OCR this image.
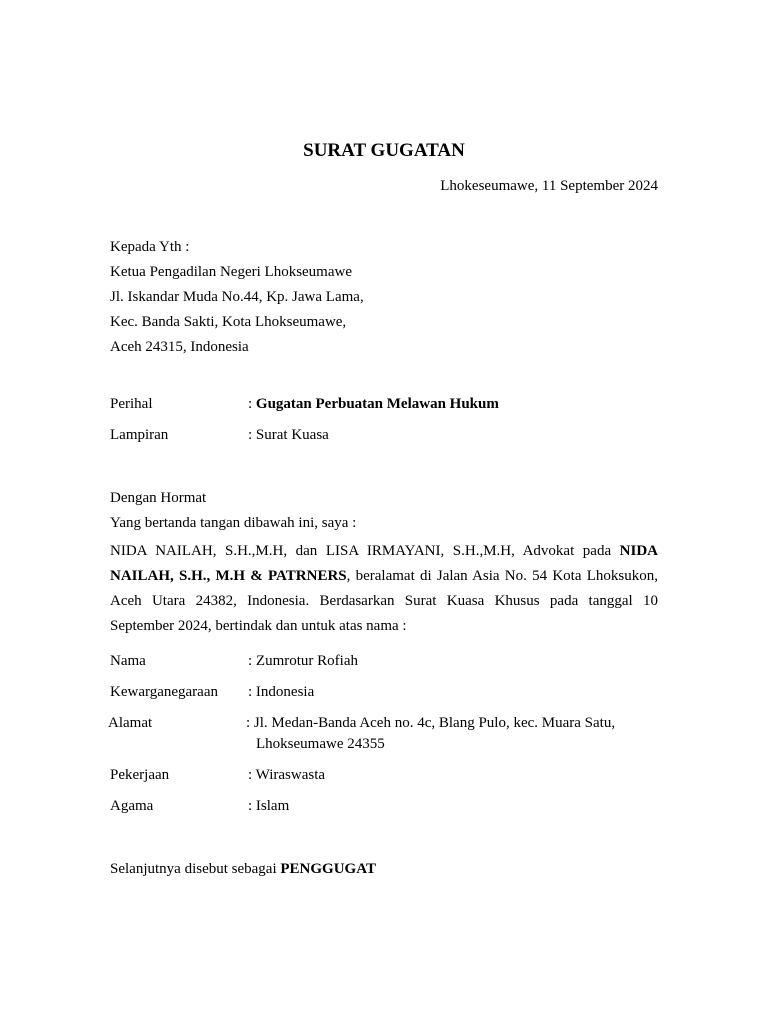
SURAT GUGATAN
Lhokeseumawe, 11 September 2024
Kepada Yth :
Ketua Pengadilan Negeri Lhokseumawe
Jl. Iskandar Muda No.44, Kp. Jawa Lama,
Kec. Banda Sakti, Kota Lhokseumawe,
Aceh 24315, Indonesia
Perihal	: Gugatan Perbuatan Melawan Hukum
Lampiran	: Surat Kuasa
Dengan Hormat
Yang bertanda tangan dibawah ini, saya :
NIDA NAILAH, S.H.,M.H, dan LISA IRMAYANI, S.H.,M.H, Advokat pada NIDA NAILAH, S.H., M.H & PATRNERS, beralamat di Jalan Asia No. 54 Kota Lhoksukon, Aceh Utara 24382, Indonesia. Berdasarkan Surat Kuasa Khusus pada tanggal 10 September 2024, bertindak dan untuk atas nama :
Nama	: Zumrotur Rofiah
Kewarganegaraan : Indonesia
Alamat	: Jl. Medan-Banda Aceh no. 4c, Blang Pulo, kec. Muara Satu,
Lhokseumawe 24355
Pekerjaan	: Wiraswasta
Agama	: Islam
Selanjutnya disebut sebagai PENGGUGAT
